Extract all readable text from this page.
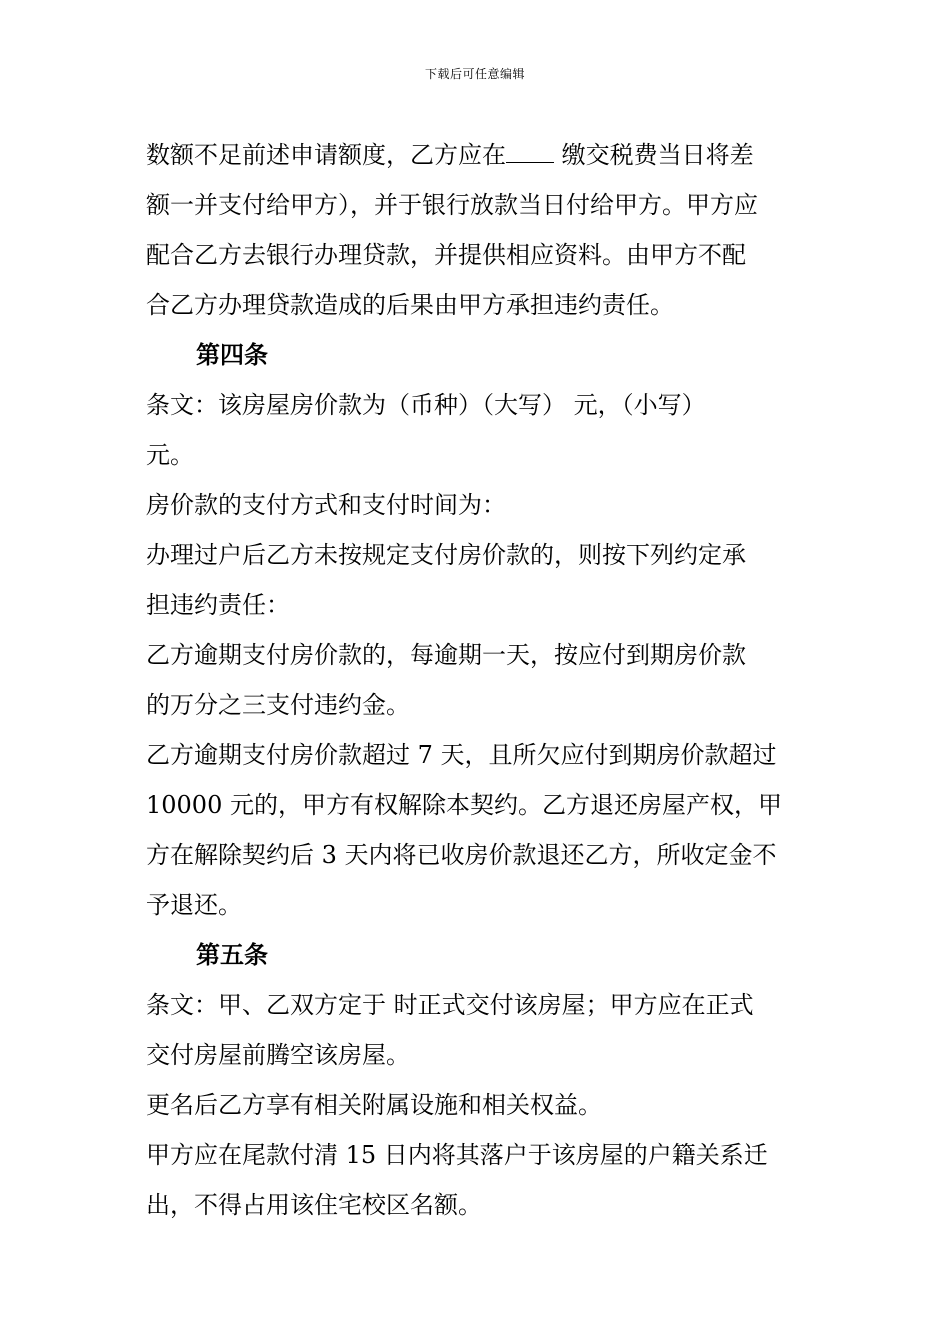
下载后可任意编辑
数额不足前述申请额度，乙方应在 缴交税费当日将差
额一并支付给甲方），并于银行放款当日付给甲方。甲方应
配合乙方去银行办理贷款，并提供相应资料。由甲方不配
合乙方办理贷款造成的后果由甲方承担违约责任。
第四条
条文：该房屋房价款为（币种）（大写） 元，（小写）
元。
房价款的支付方式和支付时间为：
办理过户后乙方未按规定支付房价款的，则按下列约定承
担违约责任：
乙方逾期支付房价款的，每逾期一天，按应付到期房价款
的万分之三支付违约金。
乙方逾期支付房价款超过 7 天，且所欠应付到期房价款超过
10000 元的，甲方有权解除本契约。乙方退还房屋产权，甲
方在解除契约后 3 天内将已收房价款退还乙方，所收定金不
予退还。
第五条
条文：甲、乙双方定于 时正式交付该房屋；甲方应在正式
交付房屋前腾空该房屋。
更名后乙方享有相关附属设施和相关权益。
甲方应在尾款付清 15 日内将其落户于该房屋的户籍关系迁
出，不得占用该住宅校区名额。
